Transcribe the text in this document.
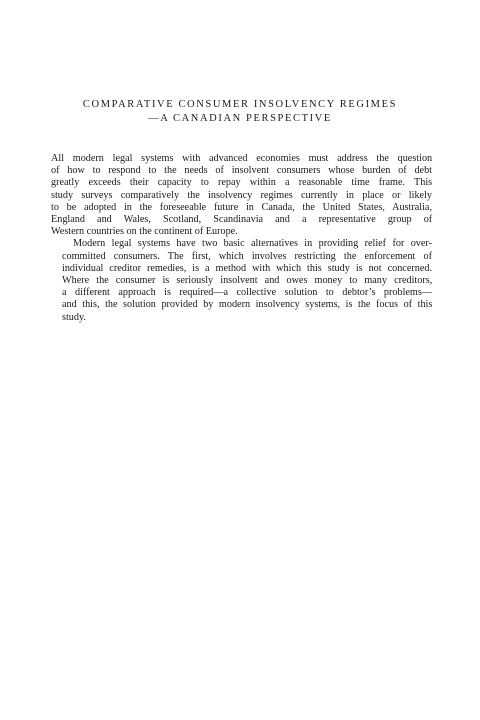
COMPARATIVE CONSUMER INSOLVENCY REGIMES
—A CANADIAN PERSPECTIVE
All modern legal systems with advanced economies must address the question
of how to respond to the needs of insolvent consumers whose burden of debt
greatly exceeds their capacity to repay within a reasonable time frame. This
study surveys comparatively the insolvency regimes currently in place or likely
to be adopted in the foreseeable future in Canada, the United States, Australia,
England and Wales, Scotland, Scandinavia and a representative group of
Western countries on the continent of Europe.
Modern legal systems have two basic alternatives in providing relief for over-
committed consumers. The first, which involves restricting the enforcement of
individual creditor remedies, is a method with which this study is not concerned.
Where the consumer is seriously insolvent and owes money to many creditors,
a different approach is required—a collective solution to debtor’s problems—
and this, the solution provided by modern insolvency systems, is the focus of this
study.
